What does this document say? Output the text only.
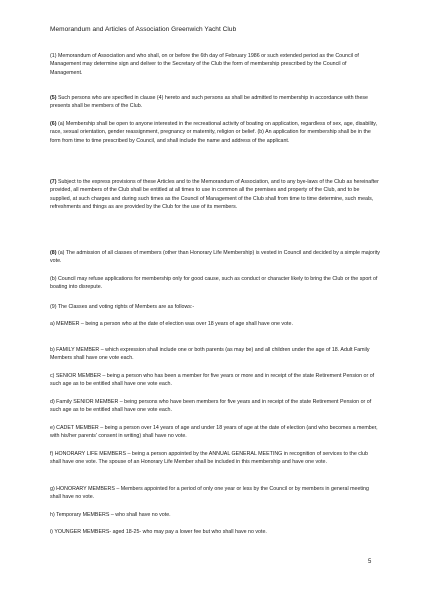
Memorandum and Articles of Association Greenwich Yacht Club

(1) Memorandum of Association and who shall, on or before the 6th day of February 1986 or such extended period as the Council of Management may determine sign and deliver to the Secretary of the Club the form of membership prescribed by the Council of Management.

(5) Such persons who are specified in clause (4) hereto and such persons as shall be admitted to membership in accordance with these presents shall be members of the Club.

(6) (a) Membership shall be open to anyone interested in the recreational activity of boating on application, regardless of sex, age, disability, race, sexual orientation, gender reassignment, pregnancy or maternity, religion or belief. (b) An application for membership shall be in the form from time to time prescribed by Council, and shall include the name and address of the applicant.

(7) Subject to the express provisions of these Articles and to the Memorandum of Association, and to any bye-laws of the Club as hereinafter provided, all members of the Club shall be entitled at all times to use in common all the premises and property of the Club, and to be supplied, at such charges and during such times as the Council of Management of the Club shall from time to time determine, such meals, refreshments and things as are provided by the Club for the use of its members.

(8) (a) The admission of all classes of members (other than Honorary Life Membership) is vested in Council and decided by a simple majority vote.

(b) Council may refuse applications for membership only for good cause, such as conduct or character likely to bring the Club or the sport of boating into disrepute.

(9) The Classes and voting rights of Members are as follows:-

a) MEMBER – being a person who at the date of election was over 18 years of age shall have one vote.

b) FAMILY MEMBER – which expression shall include one or both parents (as may be) and all children under the age of 18. Adult Family Members shall have one vote each.

c) SENIOR MEMBER – being a person who has been a member for five years or more and in receipt of the state Retirement Pension or of such age as to be entitled shall have one vote each.

d) Family SENIOR MEMBER – being persons who have been members for five years and in receipt of the state Retirement Pension or of such age as to be entitled shall have one vote each.

e) CADET MEMBER – being a person over 14 years of age and under 18 years of age at the date of election (and who becomes a member, with his/her parents' consent in writing) shall have no vote.

f) HONORARY LIFE MEMBERS – being a person appointed by the ANNUAL GENERAL MEETING in recognition of services to the club shall have one vote. The spouse of an Honorary Life Member shall be included in this membership and have one vote.

g) HONORARY MEMBERS – Members appointed for a period of only one year or less by the Council or by members in general meeting shall have no vote.

h) Temporary MEMBERS – who shall have no vote.

i) YOUNGER MEMBERS- aged 18-25- who may pay a lower fee but who shall have no vote.

5
